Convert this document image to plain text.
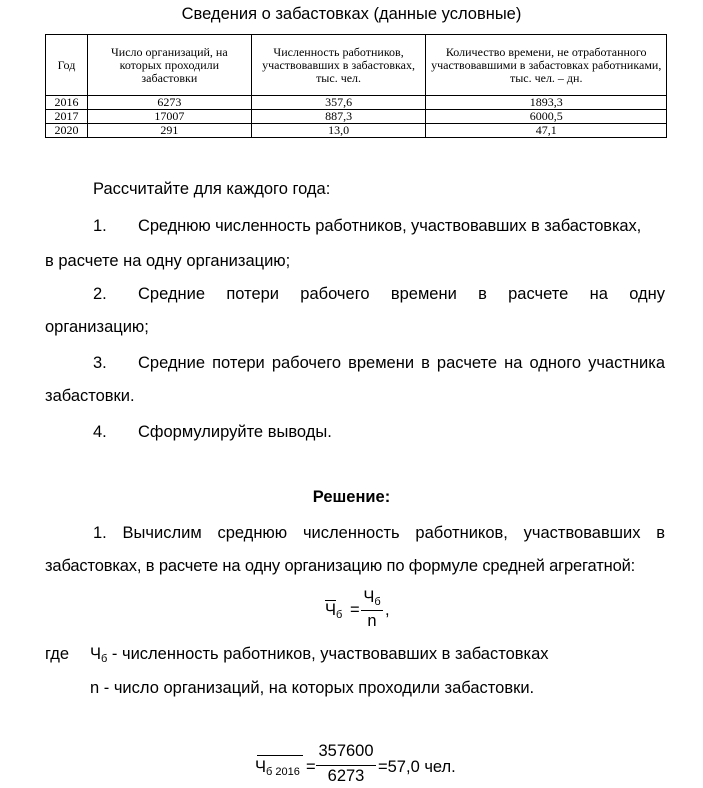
Сведения о забастовках (данные условные)
Год	Число организаций, на которых проходили забастовки	Численность работников, участвовавших в забастовках, тыс. чел.	Количество времени, не отработанного участвовавшими в забастовках работниками, тыс. чел. – дн.
2016	6273	357,6	1893,3
2017	17007	887,3	6000,5
2020	291	13,0	47,1
Рассчитайте для каждого года:
1. Среднюю численность работников, участвовавших в забастовках,
в расчете на одну организацию;
2. Средние потери рабочего времени в расчете на одну
организацию;
3. Средние потери рабочего времени в расчете на одного участника
забастовки.
4. Сформулируйте выводы.
Решение:
1. Вычислим среднюю численность работников, участвовавших в
забастовках, в расчете на одну организацию по формуле средней агрегатной:
$Ч_б$ =
$Ч_б$
n
,
где $Ч_б$ - численность работников, участвовавших в забастовках
n - число организаций, на которых проходили забастовки.
$Ч_{б 2016}$ =
357600
6273 =57,0 чел.
